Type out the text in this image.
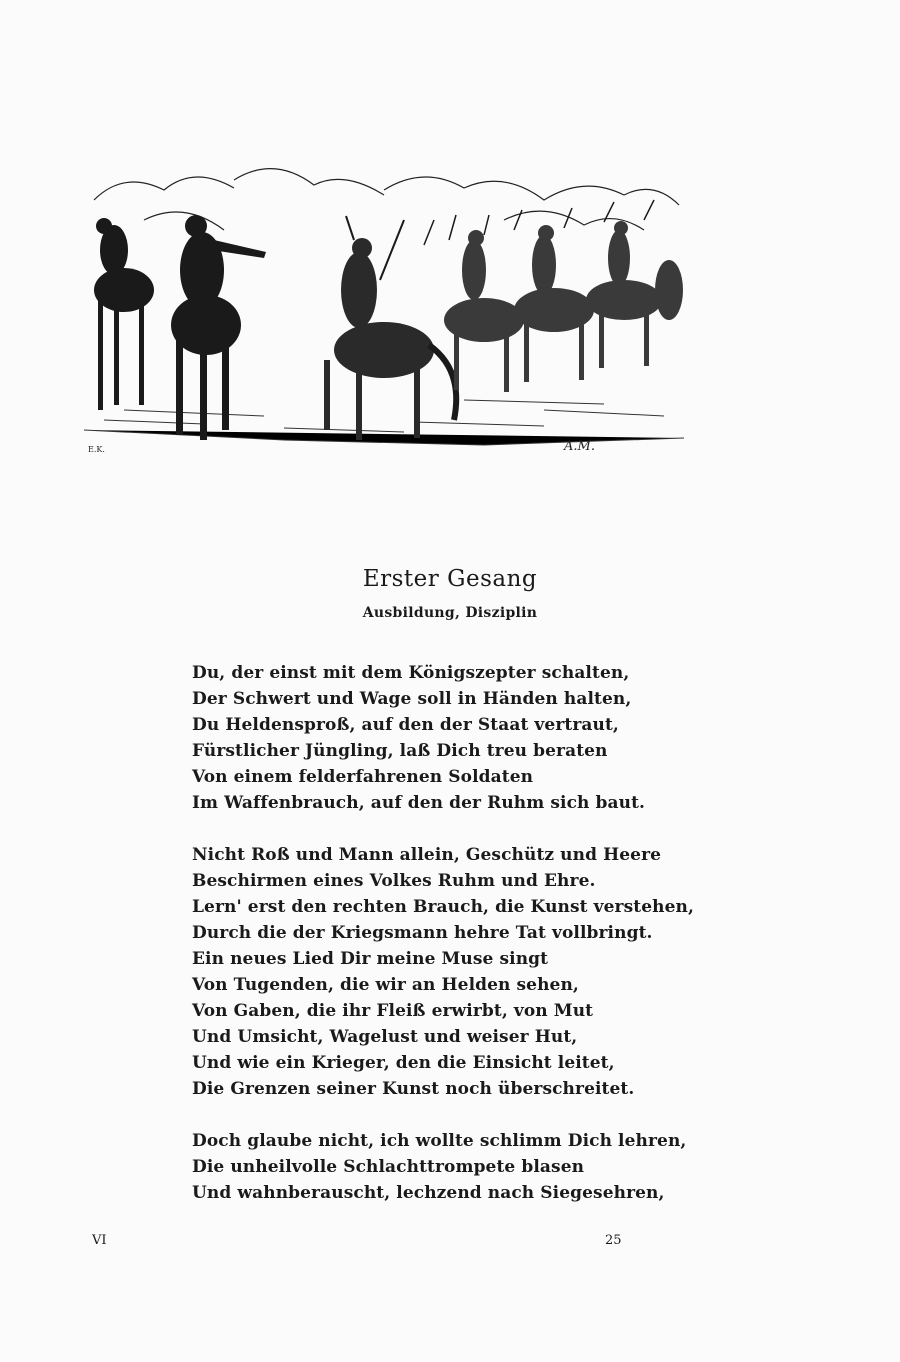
E.K.	A.M.
Erster Gesang
Ausbildung, Disziplin
Du, der einst mit dem Königszepter schalten,
Der Schwert und Wage soll in Händen halten,
Du Heldensproß, auf den der Staat vertraut,
Fürstlicher Jüngling, laß Dich treu beraten
Von einem felderfahrenen Soldaten
Im Waffenbrauch, auf den der Ruhm sich baut.
Nicht Roß und Mann allein, Geschütz und Heere
Beschirmen eines Volkes Ruhm und Ehre.
Lern' erst den rechten Brauch, die Kunst verstehen,
Durch die der Kriegsmann hehre Tat vollbringt.
Ein neues Lied Dir meine Muse singt
Von Tugenden, die wir an Helden sehen,
Von Gaben, die ihr Fleiß erwirbt, von Mut
Und Umsicht, Wagelust und weiser Hut,
Und wie ein Krieger, den die Einsicht leitet,
Die Grenzen seiner Kunst noch überschreitet.
Doch glaube nicht, ich wollte schlimm Dich lehren,
Die unheilvolle Schlachttrompete blasen
Und wahnberauscht, lechzend nach Siegesehren,
VI	25
